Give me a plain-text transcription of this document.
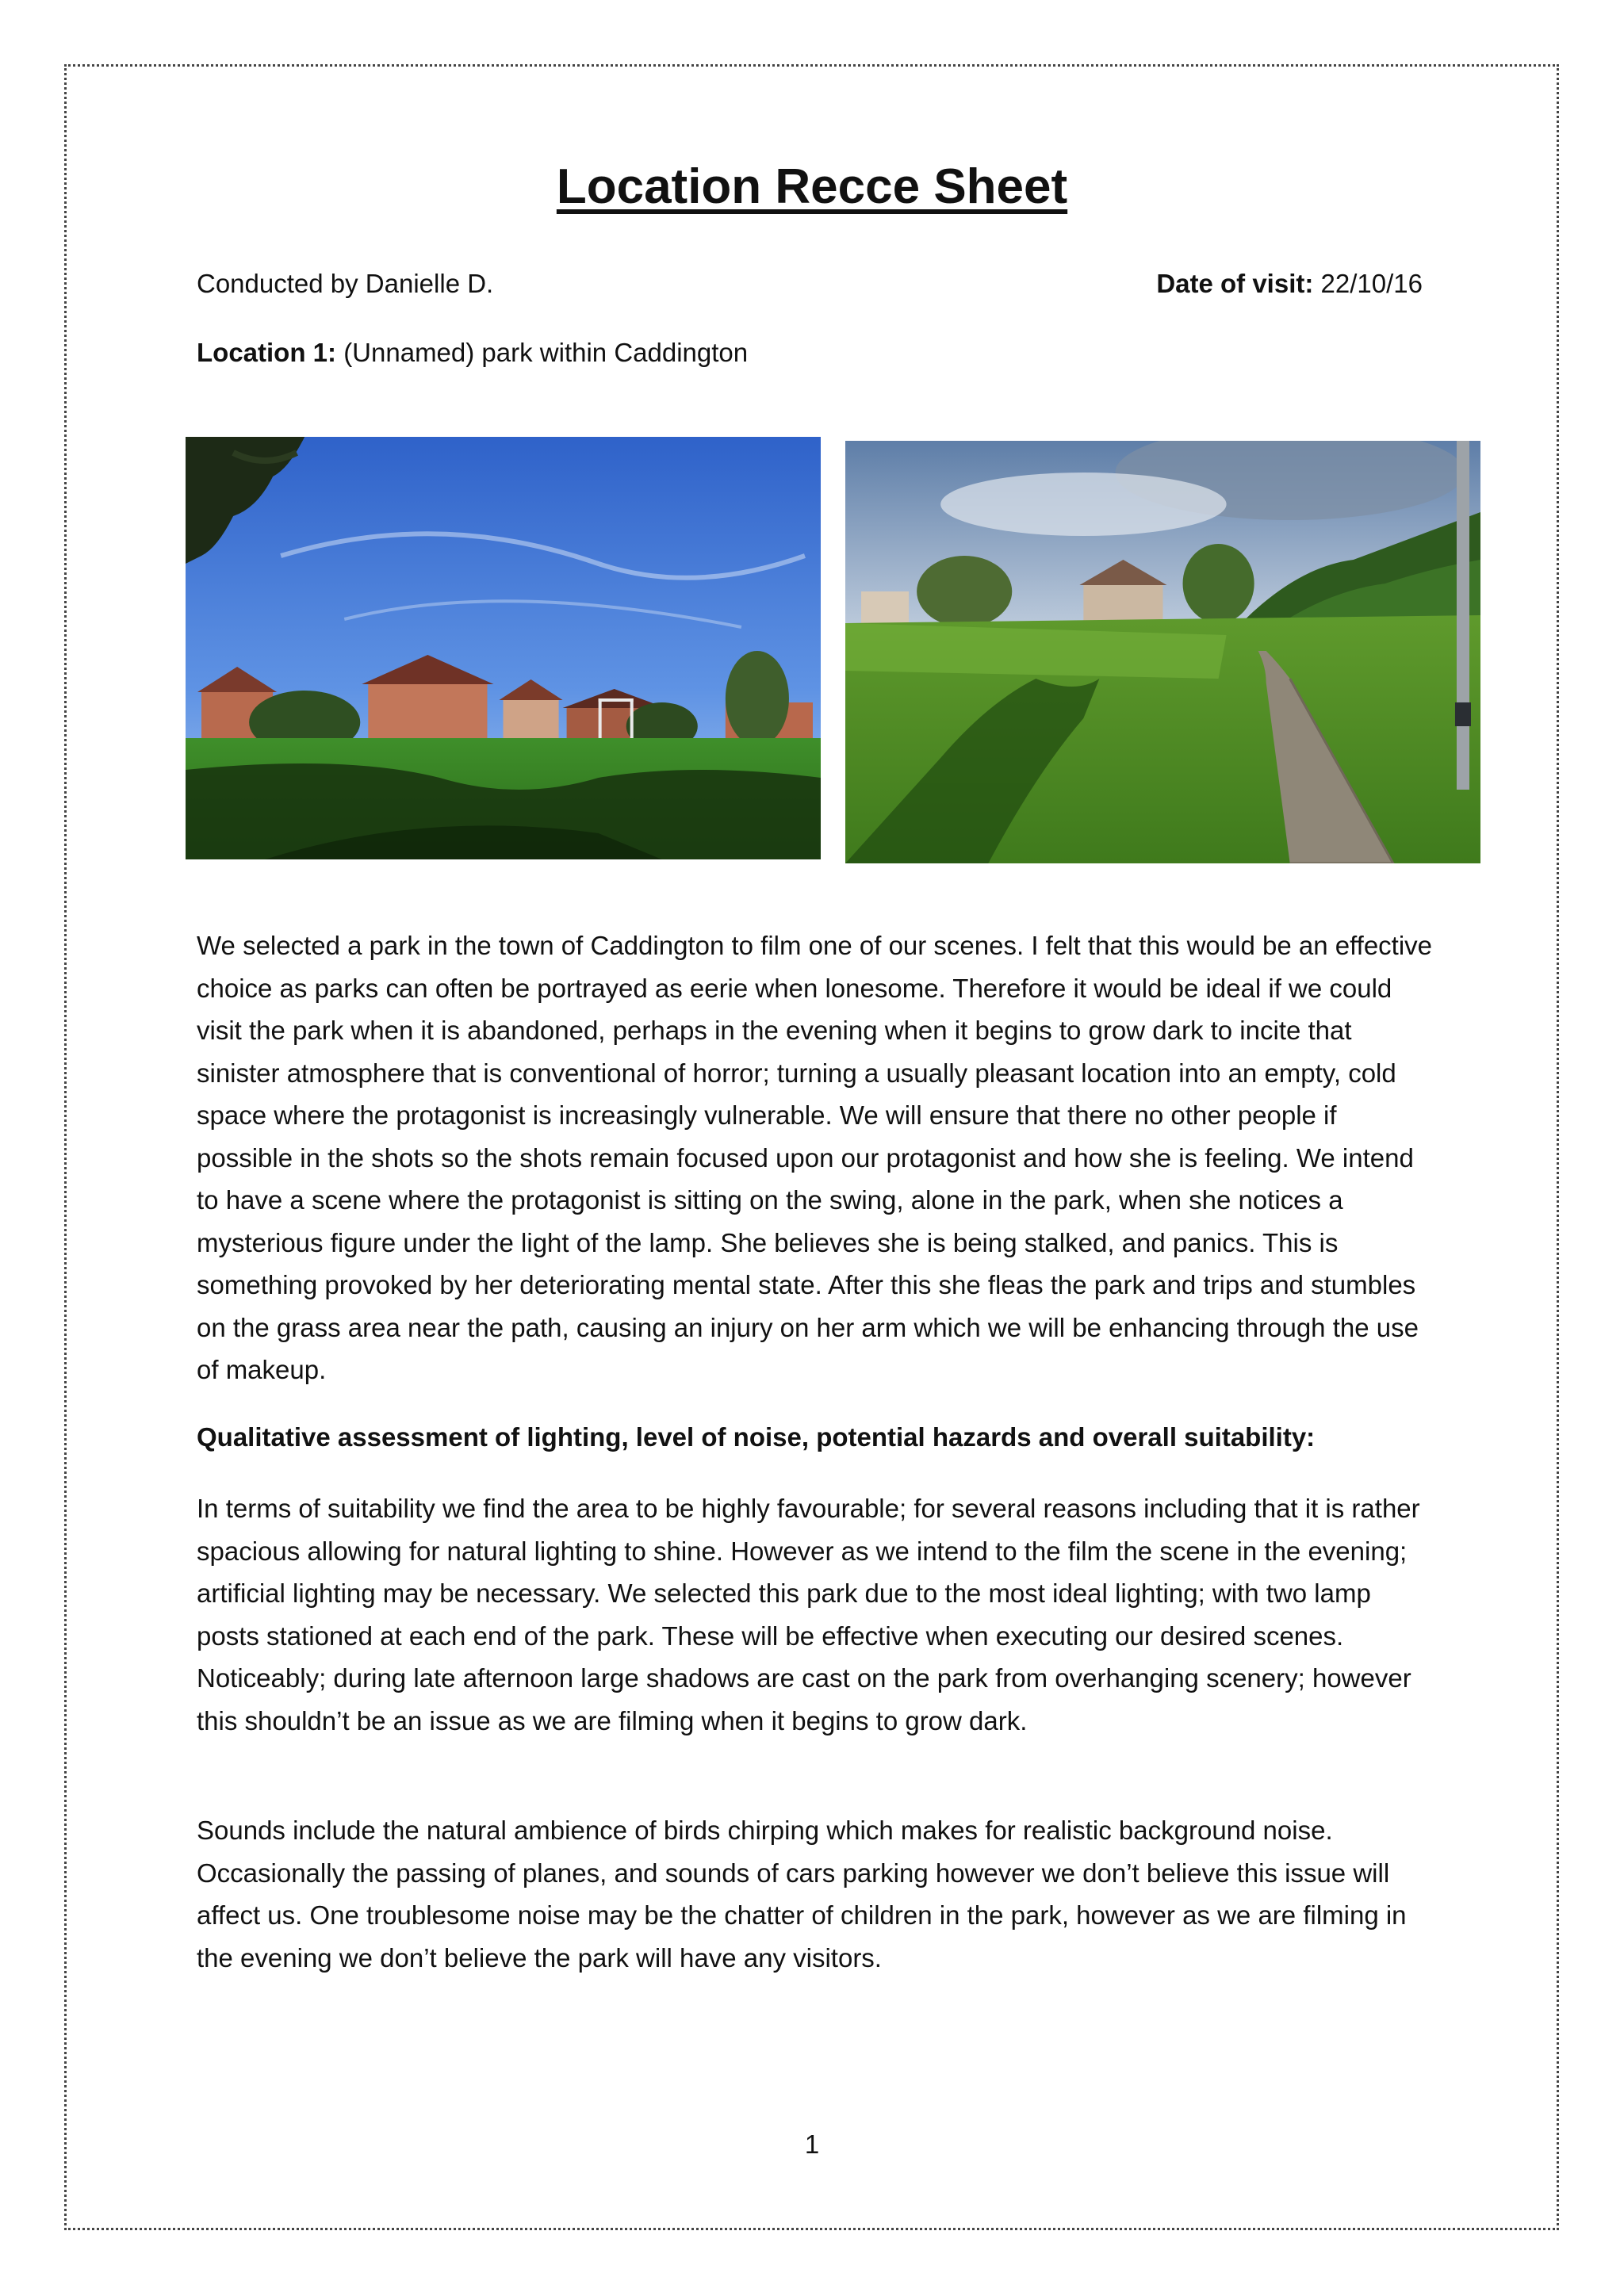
Location Recce Sheet
Conducted by Danielle D.	Date of visit: 22/10/16
Location 1: (Unnamed) park within Caddington

We selected a park in the town of Caddington to film one of our scenes. I felt that this would be an effective choice as parks can often be portrayed as eerie when lonesome. Therefore it would be ideal if we could visit the park when it is abandoned, perhaps in the evening when it begins to grow dark to incite that sinister atmosphere that is conventional of horror; turning a usually pleasant location into an empty, cold space where the protagonist is increasingly vulnerable. We will ensure that there no other people if possible in the shots so the shots remain focused upon our protagonist and how she is feeling. We intend to have a scene where the protagonist is sitting on the swing, alone in the park, when she notices a mysterious figure under the light of the lamp. She believes she is being stalked, and panics. This is something provoked by her deteriorating mental state. After this she fleas the park and trips and stumbles on the grass area near the path, causing an injury on her arm which we will be enhancing through the use of makeup.

Qualitative assessment of lighting, level of noise, potential hazards and overall suitability:

In terms of suitability we find the area to be highly favourable; for several reasons including that it is rather spacious allowing for natural lighting to shine. However as we intend to the film the scene in the evening; artificial lighting may be necessary. We selected this park due to the most ideal lighting; with two lamp posts stationed at each end of the park. These will be effective when executing our desired scenes. Noticeably; during late afternoon large shadows are cast on the park from overhanging scenery; however this shouldn’t be an issue as we are filming when it begins to grow dark.

Sounds include the natural ambience of birds chirping which makes for realistic background noise. Occasionally the passing of planes, and sounds of cars parking however we don’t believe this issue will affect us. One troublesome noise may be the chatter of children in the park, however as we are filming in the evening we don’t believe the park will have any visitors.

1
